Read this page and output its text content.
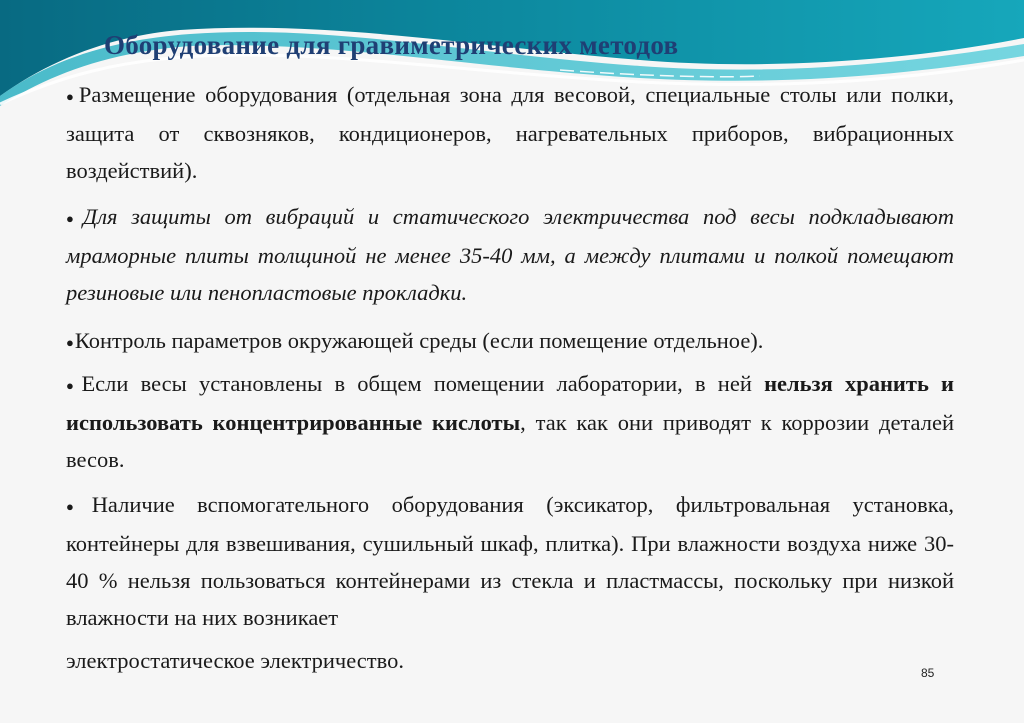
Оборудование для гравиметрических методов

●Размещение оборудования (отдельная зона для весовой, специальные столы или полки, защита от сквозняков, кондиционеров, нагревательных приборов, вибрационных воздействий).

●Для защиты от вибраций и статического электричества под весы подкладывают мраморные плиты толщиной не менее 35-40 мм, а между плитами и полкой помещают резиновые или пенопластовые прокладки.

●Контроль параметров окружающей среды (если помещение отдельное).

●Если весы установлены в общем помещении лаборатории, в ней нельзя хранить и использовать концентрированные кислоты, так как они приводят к коррозии деталей весов.

●Наличие вспомогательного оборудования (эксикатор, фильтровальная установка, контейнеры для взвешивания, сушильный шкаф, плитка). При влажности воздуха ниже 30-40 % нельзя пользоваться контейнерами из стекла и пластмассы, поскольку при низкой влажности на них возникает
электростатическое электричество.	85
